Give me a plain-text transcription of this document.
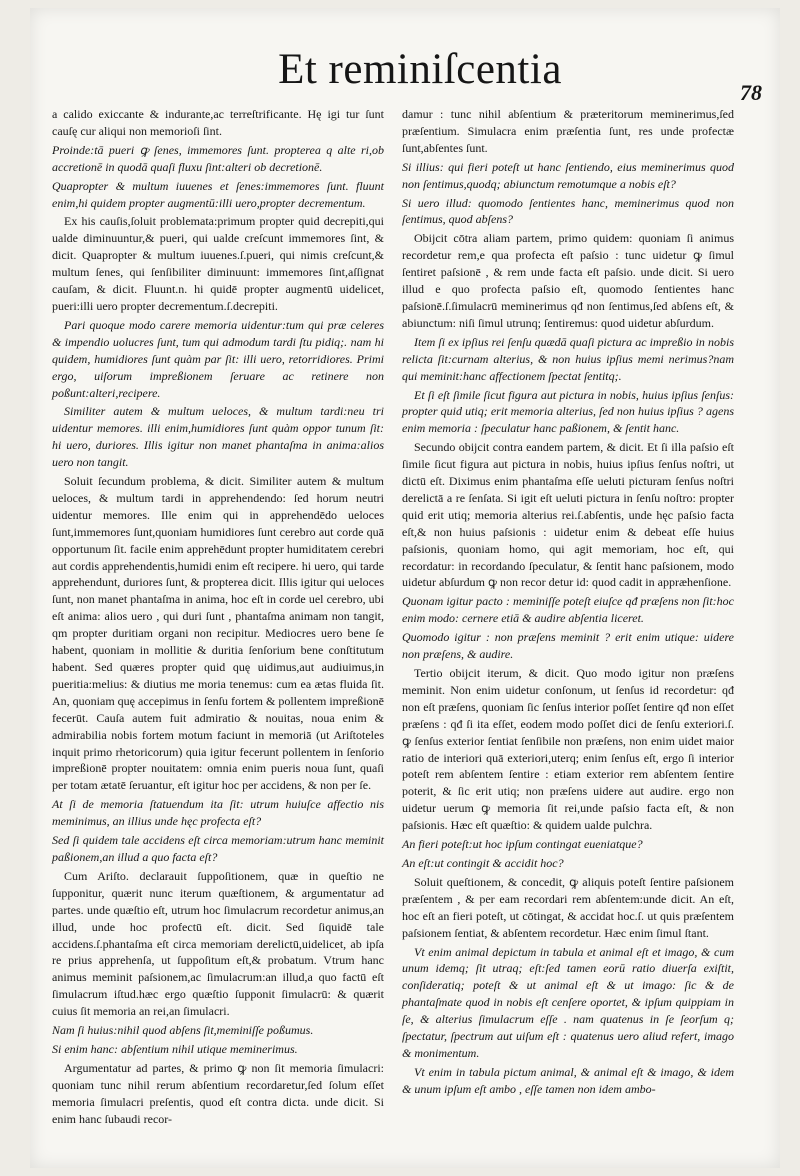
Et reminiſcentia	78

a calido exiccante & indurante,ac terreſtrificante. Hę igi tur ſunt cauſę cur aliqui non memorioſi ſint.

Proinde:tā pueri ꝙ ſenes, immemores ſunt. propterea q alte ri,ob accretionē in quodā quaſi fluxu ſint:alteri ob decretionē.

Quapropter & multum iuuenes et ſenes:immemores ſunt. fluunt enim,hi quidem propter augmentū:illi uero,propter decrementum.

Ex his cauſis,ſoluit problemata:primum propter quid decrepiti,qui ualde diminuuntur,& pueri, qui ualde creſcunt immemores ſint, & dicit. Quapropter & multum iuuenes.ſ.pueri, qui nimis creſcunt,& multum ſenes, qui ſenſibiliter diminuunt: immemores ſint,aſſignat cauſam, & dicit. Fluunt.n. hi quidē propter augmentū uidelicet, pueri:illi uero propter decrementum.ſ.decrepiti.

Pari quoque modo carere memoria uidentur:tum qui præ celeres & impendio uolucres ſunt, tum qui admodum tardi ſtu pidiq;. nam hi quidem, humidiores ſunt quàm par ſit: illi uero, retorridiores. Primi ergo, uiſorum impreßionem ſeruare ac retinere non poßunt:alteri,recipere.

Similiter autem & multum ueloces, & multum tardi:neu tri uidentur memores. illi enim,humidiores ſunt quàm oppor tunum ſit: hi uero, duriores. Illis igitur non manet phantaſma in anima:alios uero non tangit.

Soluit ſecundum problema, & dicit. Similiter autem & multum ueloces, & multum tardi in apprehendendo: ſed horum neutri uidentur memores. Ille enim qui in apprehendēdo ueloces ſunt,immemores ſunt,quoniam humidiores ſunt cerebro aut corde quā opportunum ſit. facile enim apprehēdunt propter humiditatem cerebri aut cordis apprehendentis,humidi enim eſt recipere. hi uero, qui tarde apprehendunt, duriores ſunt, & propterea dicit. Illis igitur qui ueloces ſunt, non manet phantaſma in anima, hoc eſt in corde uel cerebro, ubi eſt anima: alios uero , qui duri ſunt , phantaſma animam non tangit, qm propter duritiam organi non recipitur. Mediocres uero bene ſe habent, quoniam in mollitie & duritia ſenſorium bene conſtitutum habent. Sed quæres propter quid quę uidimus,aut audiuimus,in pueritia:melius: & diutius me moria tenemus: cum ea ætas fluida ſit. An, quoniam quę accepimus in ſenſu fortem & pollentem impreßionē fecerūt. Cauſa autem fuit admiratio & nouitas, noua enim & admirabilia nobis fortem motum faciunt in memoriā (ut Ariſtoteles inquit primo rhetoricorum) quia igitur fecerunt pollentem in ſenſorio impreßionē propter nouitatem: omnia enim pueris noua ſunt, quaſi per totam ætatē ſeruantur, eſt igitur hoc per accidens, & non per ſe.

At ſi de memoria ſtatuendum ita ſit: utrum huiuſce affectio nis meminimus, an illius unde hęc profecta eſt?

Sed ſi quidem tale accidens eſt circa memoriam:utrum hanc meminit paßionem,an illud a quo facta eſt?

Cum Ariſto. declarauit ſuppoſitionem, quæ in queſtio ne ſupponitur, quærit nunc iterum quæſtionem, & argumentatur ad partes. unde quæſtio eſt, utrum hoc ſimulacrum recordetur animus,an illud, unde hoc profectū eſt. dicit. Sed ſiquidē tale accidens.ſ.phantaſma eſt circa memoriam derelictū,uidelicet, ab ipſa re prius apprehenſa, ut ſuppoſitum eſt,& probatum. Vtrum hanc animus meminit paſsionem,ac ſimulacrum:an illud,a quo factū eſt ſimulacrum iſtud.hæc ergo quæſtio ſupponit ſimulacrū: & quærit cuius ſit memoria an rei,an ſimulacri.

Nam ſi huius:nihil quod abſens ſit,meminiſſe poßumus.

Si enim hanc: abſentium nihil utique meminerimus.

Argumentatur ad partes, & primo ꝙ non ſit memoria ſimulacri: quoniam tunc nihil rerum abſentium recordaretur,ſed ſolum eſſet memoria ſimulacri preſentis, quod eſt contra dicta. unde dicit. Si enim hanc ſubaudi recor-

damur : tunc nihil abſentium & præteritorum meminerimus,ſed præſentium. Simulacra enim præſentia ſunt, res unde profectæ ſunt,abſentes ſunt.

Si illius: qui fieri poteſt ut hanc ſentiendo, eius meminerimus quod non ſentimus,quodq; abiunctum remotumque a nobis eſt?

Si uero illud: quomodo ſentientes hanc, meminerimus quod non ſentimus, quod abſens?

Obijcit cōtra aliam partem, primo quidem: quoniam ſi animus recordetur rem,e qua profecta eſt paſsio : tunc uidetur ꝙ ſimul ſentiret paſsionē , & rem unde facta eſt paſsio. unde dicit. Si uero illud e quo profecta paſsio eſt, quomodo ſentientes hanc paſsionē.ſ.ſimulacrū meminerimus qđ non ſentimus,ſed abſens eſt, & abiunctum: niſi ſimul utrunq; ſentiremus: quod uidetur abſurdum.

Item ſi ex ipſius rei ſenſu quædā quaſi pictura ac impreßio in nobis relicta ſit:curnam alterius, & non huius ipſius memi nerimus?nam qui meminit:hanc affectionem ſpectat ſentitq;.

Et ſi eſt ſimile ſicut figura aut pictura in nobis, huius ipſius ſenſus: propter quid utiq; erit memoria alterius, ſed non huius ipſius ? agens enim memoria : ſpeculatur hanc paßionem, & ſentit hanc.

Secundo obijcit contra eandem partem, & dicit. Et ſi illa paſsio eſt ſimile ſicut figura aut pictura in nobis, huius ipſius ſenſus noſtri, ut dictū eſt. Diximus enim phantaſma eſſe ueluti picturam ſenſus noſtri derelictā a re ſenſata. Si igit eſt ueluti pictura in ſenſu noſtro: propter quid erit utiq; memoria alterius rei.ſ.abſentis, unde hęc paſsio facta eſt,& non huius paſsionis : uidetur enim & debeat eſſe huius paſsionis, quoniam homo, qui agit memoriam, hoc eſt, qui recordatur: in recordando ſpeculatur, & ſentit hanc paſsionem, modo uidetur abſurdum ꝙ non recor detur id: quod cadit in appræhenſione.

Quonam igitur pacto : meminiſſe poteſt eiuſce qđ præſens non ſit:hoc enim modo: cernere etiā & audire abſentia liceret.

Quomodo igitur : non præſens meminit ? erit enim utique: uidere non præſens, & audire.

Tertio obijcit iterum, & dicit. Quo modo igitur non præſens meminit. Non enim uidetur conſonum, ut ſenſus id recordetur: qđ non eſt præſens, quoniam ſic ſenſus interior poſſet ſentire qđ non eſſet præſens : qđ ſi ita eſſet, eodem modo poſſet dici de ſenſu exteriori.ſ. ꝙ ſenſus exterior ſentiat ſenſibile non præſens, non enim uidet maior ratio de interiori quā exteriori,uterq; enim ſenſus eſt, ergo ſi interior poteſt rem abſentem ſentire : etiam exterior rem abſentem ſentire poterit, & ſic erit utiq; non præſens uidere aut audire. ergo non uidetur uerum ꝙ memoria ſit rei,unde paſsio facta eſt, & non paſsionis. Hæc eſt quæſtio: & quidem ualde pulchra.

An fieri poteſt:ut hoc ipſum contingat eueniatque?

An eſt:ut contingit & accidit hoc?

Soluit queſtionem, & concedit, ꝙ aliquis poteſt ſentire paſsionem præſentem , & per eam recordari rem abſentem:unde dicit. An eſt, hoc eſt an fieri poteſt, ut cōtingat, & accidat hoc.ſ. ut quis præſentem paſsionem ſentiat, & abſentem recordetur. Hæc enim ſimul ſtant.

Vt enim animal depictum in tabula et animal eſt et imago, & cum unum idemq; ſit utraq; eſt:ſed tamen eorū ratio diuerſa exiſtit, conſideratiq; poteſt & ut animal eſt & ut imago: ſic & de phantaſmate quod in nobis eſt cenſere oportet, & ipſum quippiam in ſe, & alterius ſimulacrum eſſe . nam quatenus in ſe ſeorſum q; ſpectatur, ſpectrum aut uiſum eſt : quatenus uero aliud refert, imago & monimentum.

Vt enim in tabula pictum animal, & animal eſt & imago, & idem & unum ipſum eſt ambo , eſſe tamen non idem ambo-
